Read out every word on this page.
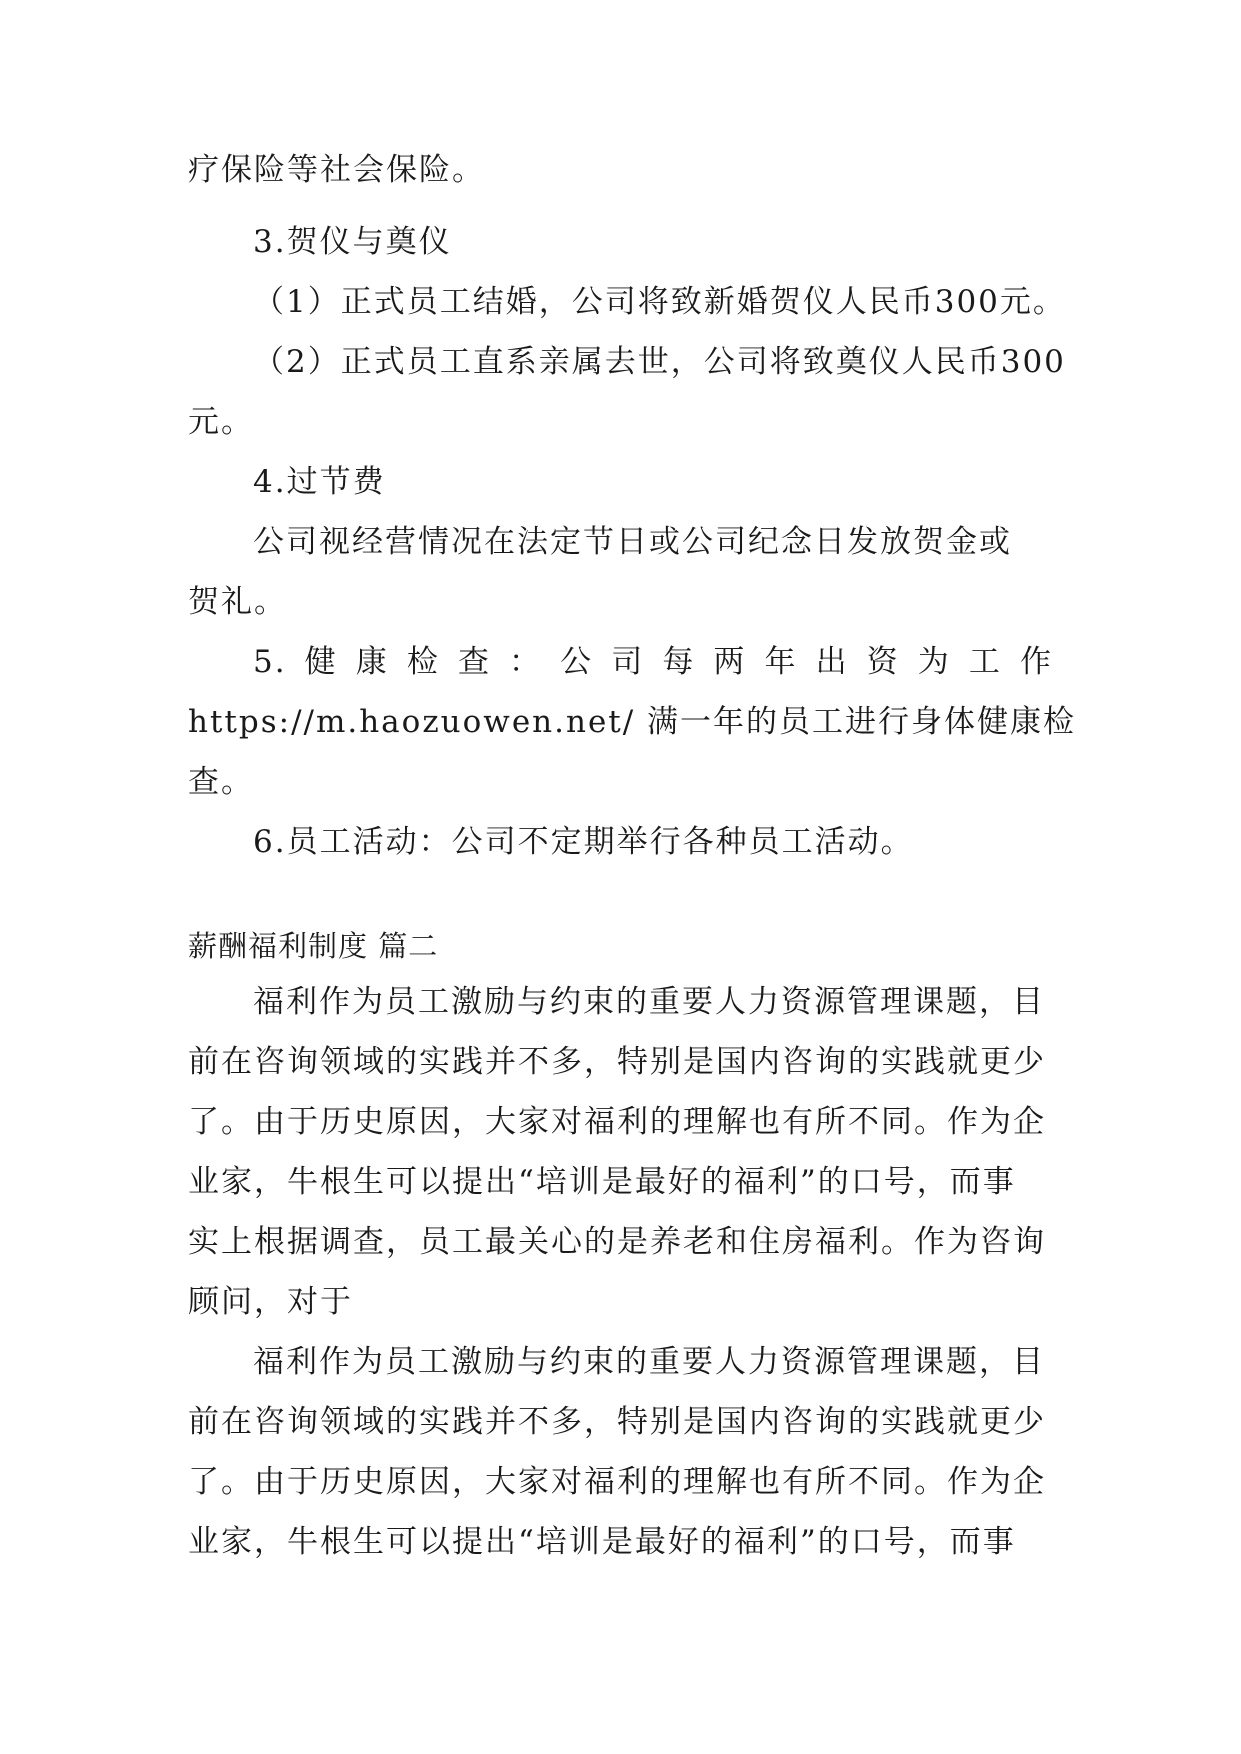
疗保险等社会保险。
3.贺仪与奠仪
（1）正式员工结婚，公司将致新婚贺仪人民币300元。
（2）正式员工直系亲属去世，公司将致奠仪人民币300
元。
4.过节费
公司视经营情况在法定节日或公司纪念日发放贺金或
贺礼。
5. 健 康 检 查 ： 公 司 每 两 年 出 资 为 工 作
https://m.haozuowen.net/ 满一年的员工进行身体健康检
查。
6.员工活动：公司不定期举行各种员工活动。
薪酬福利制度 篇二
福利作为员工激励与约束的重要人力资源管理课题，目
前在咨询领域的实践并不多，特别是国内咨询的实践就更少
了。由于历史原因，大家对福利的理解也有所不同。作为企
业家，牛根生可以提出“培训是最好的福利”的口号，而事
实上根据调查，员工最关心的是养老和住房福利。作为咨询
顾问，对于
福利作为员工激励与约束的重要人力资源管理课题，目
前在咨询领域的实践并不多，特别是国内咨询的实践就更少
了。由于历史原因，大家对福利的理解也有所不同。作为企
业家，牛根生可以提出“培训是最好的福利”的口号，而事
